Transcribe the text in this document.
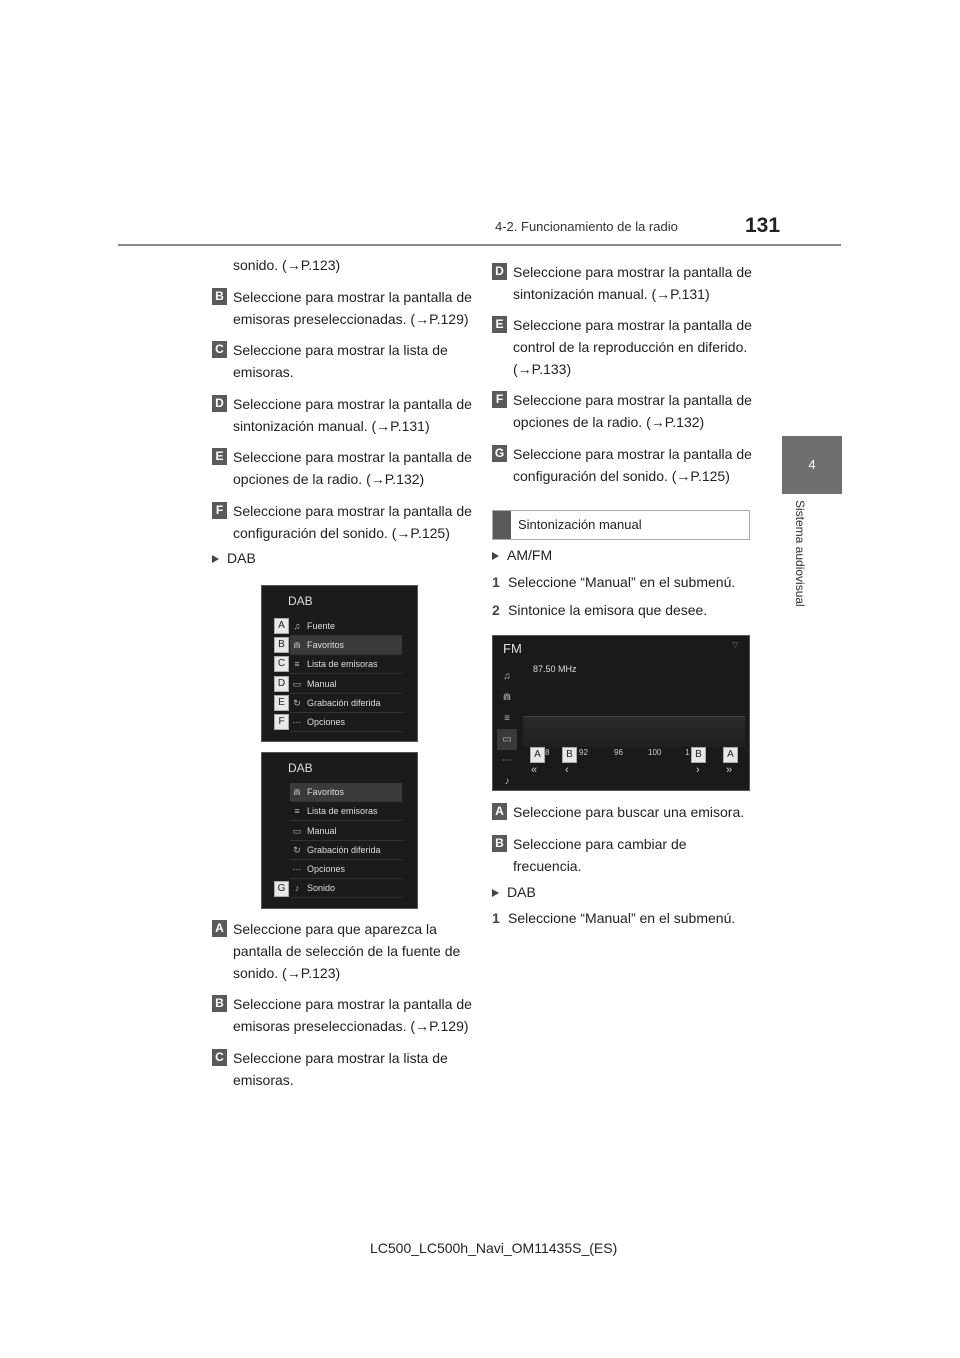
4-2. Funcionamiento de la radio	131
4
Sistema audiovisual
sonido. (→P.123)
B Seleccione para mostrar la pantalla de emisoras preseleccionadas. (→P.129)
C Seleccione para mostrar la lista de emisoras.
D Seleccione para mostrar la pantalla de sintonización manual. (→P.131)
E Seleccione para mostrar la pantalla de opciones de la radio. (→P.132)
F Seleccione para mostrar la pantalla de configuración del sonido. (→P.125)
DAB
DAB
♫ Fuente
⋒ Favoritos
≡ Lista de emisoras
▭ Manual
↻ Grabación diferida
⋯ Opciones
A
B
C
D
E
F
DAB
⋒ Favoritos
≡ Lista de emisoras
▭ Manual
↻ Grabación diferida
⋯ Opciones
♪ Sonido
G
A Seleccione para que aparezca la pantalla de selección de la fuente de sonido. (→P.123)
B Seleccione para mostrar la pantalla de emisoras preseleccionadas. (→P.129)
C Seleccione para mostrar la lista de emisoras.
D Seleccione para mostrar la pantalla de sintonización manual. (→P.131)
E Seleccione para mostrar la pantalla de control de la reproducción en diferido. (→P.133)
F Seleccione para mostrar la pantalla de opciones de la radio. (→P.132)
G Seleccione para mostrar la pantalla de configuración del sonido. (→P.125)
Sintonización manual
AM/FM
1 Seleccione “Manual” en el submenú.
2 Sintonice la emisora que desee.
FM
87.50 MHz
⌔
♫
⋒
≡
▭
⋯
♪
8	92	96	100	1
«	‹	› »
A	B	B	A
A Seleccione para buscar una emisora.
B Seleccione para cambiar de frecuencia.
DAB
1 Seleccione “Manual” en el submenú.
LC500_LC500h_Navi_OM11435S_(ES)
